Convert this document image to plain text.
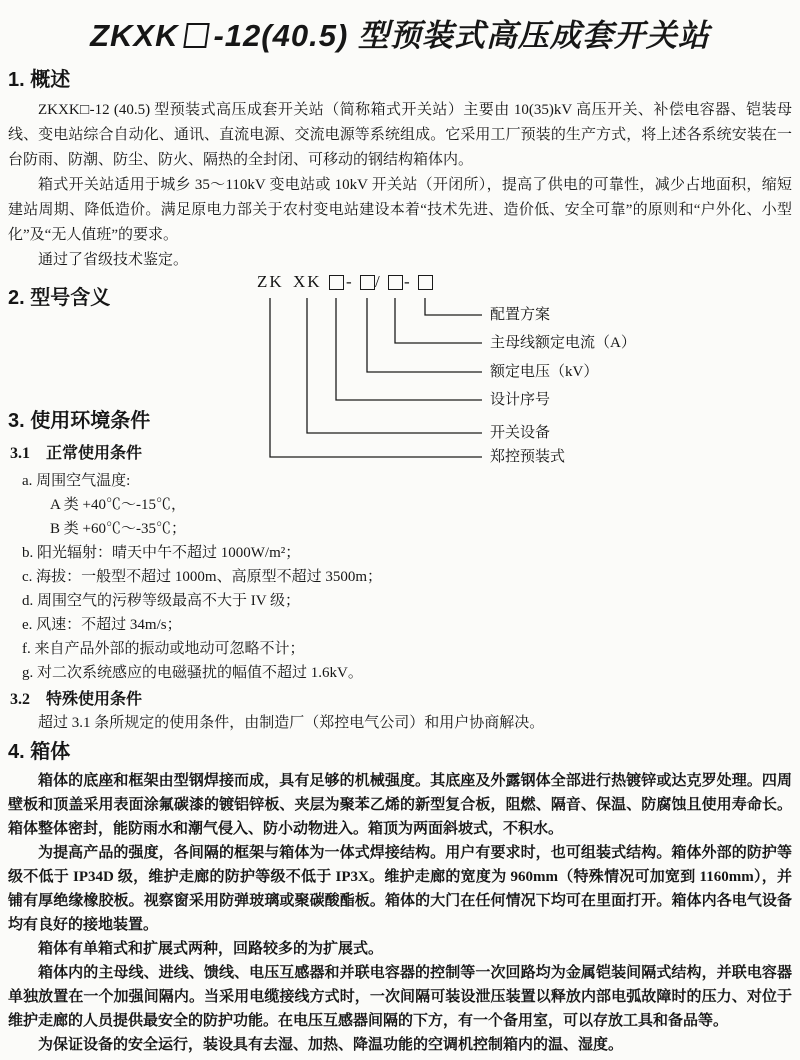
ZKXK -12(40.5) 型预装式高压成套开关站
1. 概述

ZKXK□-12 (40.5) 型预装式高压成套开关站（简称箱式开关站）主要由 10(35)kV 高压开关、补偿电容器、铠装母线、变电站综合自动化、通讯、直流电源、交流电源等系统组成。它采用工厂预装的生产方式，将上述各系统安装在一台防雨、防潮、防尘、防火、隔热的全封闭、可移动的钢结构箱体内。

箱式开关站适用于城乡 35～110kV 变电站或 10kV 开关站（开闭所），提高了供电的可靠性，减少占地面积，缩短建站周期、降低造价。满足原电力部关于农村变电站建设本着“技术先进、造价低、安全可靠”的原则和“户外化、小型化”及“无人值班”的要求。

通过了省级技术鉴定。

2. 型号含义
ZK XK - / -
配置方案
主母线额定电流（A）
额定电压（kV）
设计序号
开关设备
郑控预装式
3. 使用环境条件
3.1　正常使用条件
a. 周围空气温度:
A 类 +40℃～-15℃，
B 类 +60℃～-35℃；
b. 阳光辐射：晴天中午不超过 1000W/m²；
c. 海拔：一般型不超过 1000m、高原型不超过 3500m；
d. 周围空气的污秽等级最高不大于 IV 级；
e. 风速：不超过 34m/s；
f. 来自产品外部的振动或地动可忽略不计；
g. 对二次系统感应的电磁骚扰的幅值不超过 1.6kV。
3.2　特殊使用条件

超过 3.1 条所规定的使用条件，由制造厂（郑控电气公司）和用户协商解决。

4. 箱体

箱体的底座和框架由型钢焊接而成，具有足够的机械强度。其底座及外露钢体全部进行热镀锌或达克罗处理。四周壁板和顶盖采用表面涂氟碳漆的镀铝锌板、夹层为聚苯乙烯的新型复合板，阻燃、隔音、保温、防腐蚀且使用寿命长。箱体整体密封，能防雨水和潮气侵入、防小动物进入。箱顶为两面斜坡式，不积水。

为提高产品的强度，各间隔的框架与箱体为一体式焊接结构。用户有要求时，也可组装式结构。箱体外部的防护等级不低于 IP34D 级，维护走廊的防护等级不低于 IP3X。维护走廊的宽度为 960mm（特殊情况可加宽到 1160mm），并铺有厚绝缘橡胶板。视察窗采用防弹玻璃或聚碳酸酯板。箱体的大门在任何情况下均可在里面打开。箱体内各电气设备均有良好的接地装置。

箱体有单箱式和扩展式两种，回路较多的为扩展式。

箱体内的主母线、进线、馈线、电压互感器和并联电容器的控制等一次回路均为金属铠装间隔式结构，并联电容器单独放置在一个加强间隔内。当采用电缆接线方式时，一次间隔可装设泄压装置以释放内部电弧故障时的压力、对位于维护走廊的人员提供最安全的防护功能。在电压互感器间隔的下方，有一个备用室，可以存放工具和备品等。

为保证设备的安全运行，装设具有去湿、加热、降温功能的空调机控制箱内的温、湿度。
